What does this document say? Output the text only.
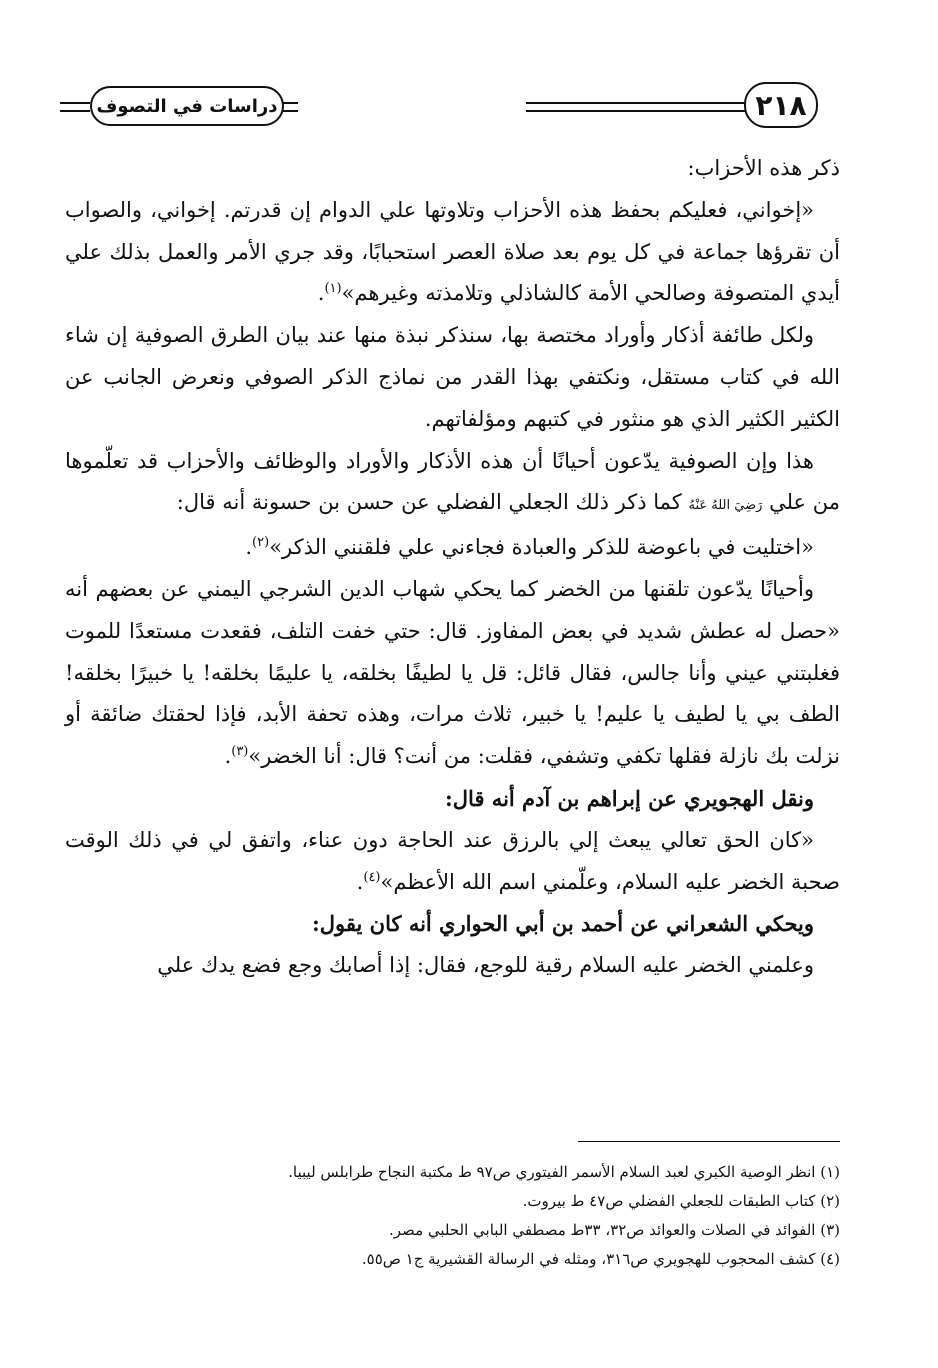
٢١٨
دراسات في التصوف

ذكر هذه الأحزاب:

«إخواني، فعليكم بحفظ هذه الأحزاب وتلاوتها علي الدوام إن قدرتم. إخواني، والصواب أن تقرؤها جماعة في كل يوم بعد صلاة العصر استحبابًا، وقد جري الأمر والعمل بذلك علي أيدي المتصوفة وصالحي الأمة كالشاذلي وتلامذته وغيرهم»$^{(١)}$.

ولكل طائفة أذكار وأوراد مختصة بها، سنذكر نبذة منها عند بيان الطرق الصوفية إن شاء الله في كتاب مستقل، ونكتفي بهذا القدر من نماذج الذكر الصوفي ونعرض الجانب عن الكثير الكثير الذي هو منثور في كتبهم ومؤلفاتهم.

هذا وإن الصوفية يدّعون أحيانًا أن هذه الأذكار والأوراد والوظائف والأحزاب قد تعلّموها من علي رَضِيَ اللهُ عَنْهُ كما ذكر ذلك الجعلي الفضلي عن حسن بن حسونة أنه قال:

«اختليت في باعوضة للذكر والعبادة فجاءني علي فلقنني الذكر»$^{(٢)}$.

وأحيانًا يدّعون تلقنها من الخضر كما يحكي شهاب الدين الشرجي اليمني عن بعضهم أنه «حصل له عطش شديد في بعض المفاوز. قال: حتي خفت التلف، فقعدت مستعدًا للموت فغلبتني عيني وأنا جالس، فقال قائل: قل يا لطيفًا بخلقه، يا عليمًا بخلقه! يا خبيرًا بخلقه! الطف بي يا لطيف يا عليم! يا خبير، ثلاث مرات، وهذه تحفة الأبد، فإذا لحقتك ضائقة أو نزلت بك نازلة فقلها تكفي وتشفي، فقلت: من أنت؟ قال: أنا الخضر»$^{(٣)}$.

ونقل الهجويري عن إبراهم بن آدم أنه قال:

«كان الحق تعالي يبعث إلي بالرزق عند الحاجة دون عناء، واتفق لي في ذلك الوقت صحبة الخضر عليه السلام، وعلّمني اسم الله الأعظم»$^{(٤)}$.

ويحكي الشعراني عن أحمد بن أبي الحواري أنه كان يقول:

وعلمني الخضر عليه السلام رقية للوجع، فقال: إذا أصابك وجع فضع يدك علي

(١) انظر الوصية الكبري لعبد السلام الأسمر الفيتوري ص٩٧ ط مكتبة النجاح طرابلس ليبيا.

(٢) كتاب الطبقات للجعلي الفضلي ص٤٧ ط بيروت.

(٣) الفوائد في الصلات والعوائد ص٣٢، ٣٣ط مصطفي البابي الحلبي مصر.

(٤) كشف المحجوب للهجويري ص٣١٦، ومثله في الرسالة القشيرية ج١ ص٥٥.
